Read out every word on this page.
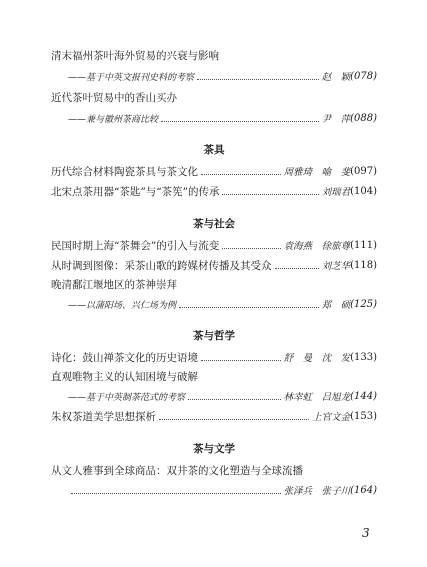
清末福州茶叶海外贸易的兴衰与影响
——基于中英文报刊史料的考察	赵　颖 (078)
近代茶叶贸易中的香山买办
——兼与徽州茶商比较	尹　萍 (088)
茶具
历代综合材料陶瓷茶具与茶文化	周雅琦　喻　斐 (097)
北宋点茶用器“茶匙”与“茶筅”的传承	刘瑞君 (104)
茶与社会
民国时期上海“茶舞会”的引入与流变	袁海燕　徐旅尊 (111)
从时调到图像：采茶山歌的跨媒材传播及其受众	刘芝华 (118)
晚清鄱江堰地区的茶神崇拜
——以蒲阳场、兴仁场为例	郑　硕 (125)
茶与哲学
诗化：鼓山禅茶文化的历史语境	舒　曼　沈　发 (133)
直观唯物主义的认知困境与破解
——基于中英制茶范式的考察	林幸虹　吕旭龙 (144)
朱权茶道美学思想探析	上官文金 (153)
茶与文学
从文人雅事到全球商品：双井茶的文化塑造与全球流播
张泽兵　张子川 (164)
3
